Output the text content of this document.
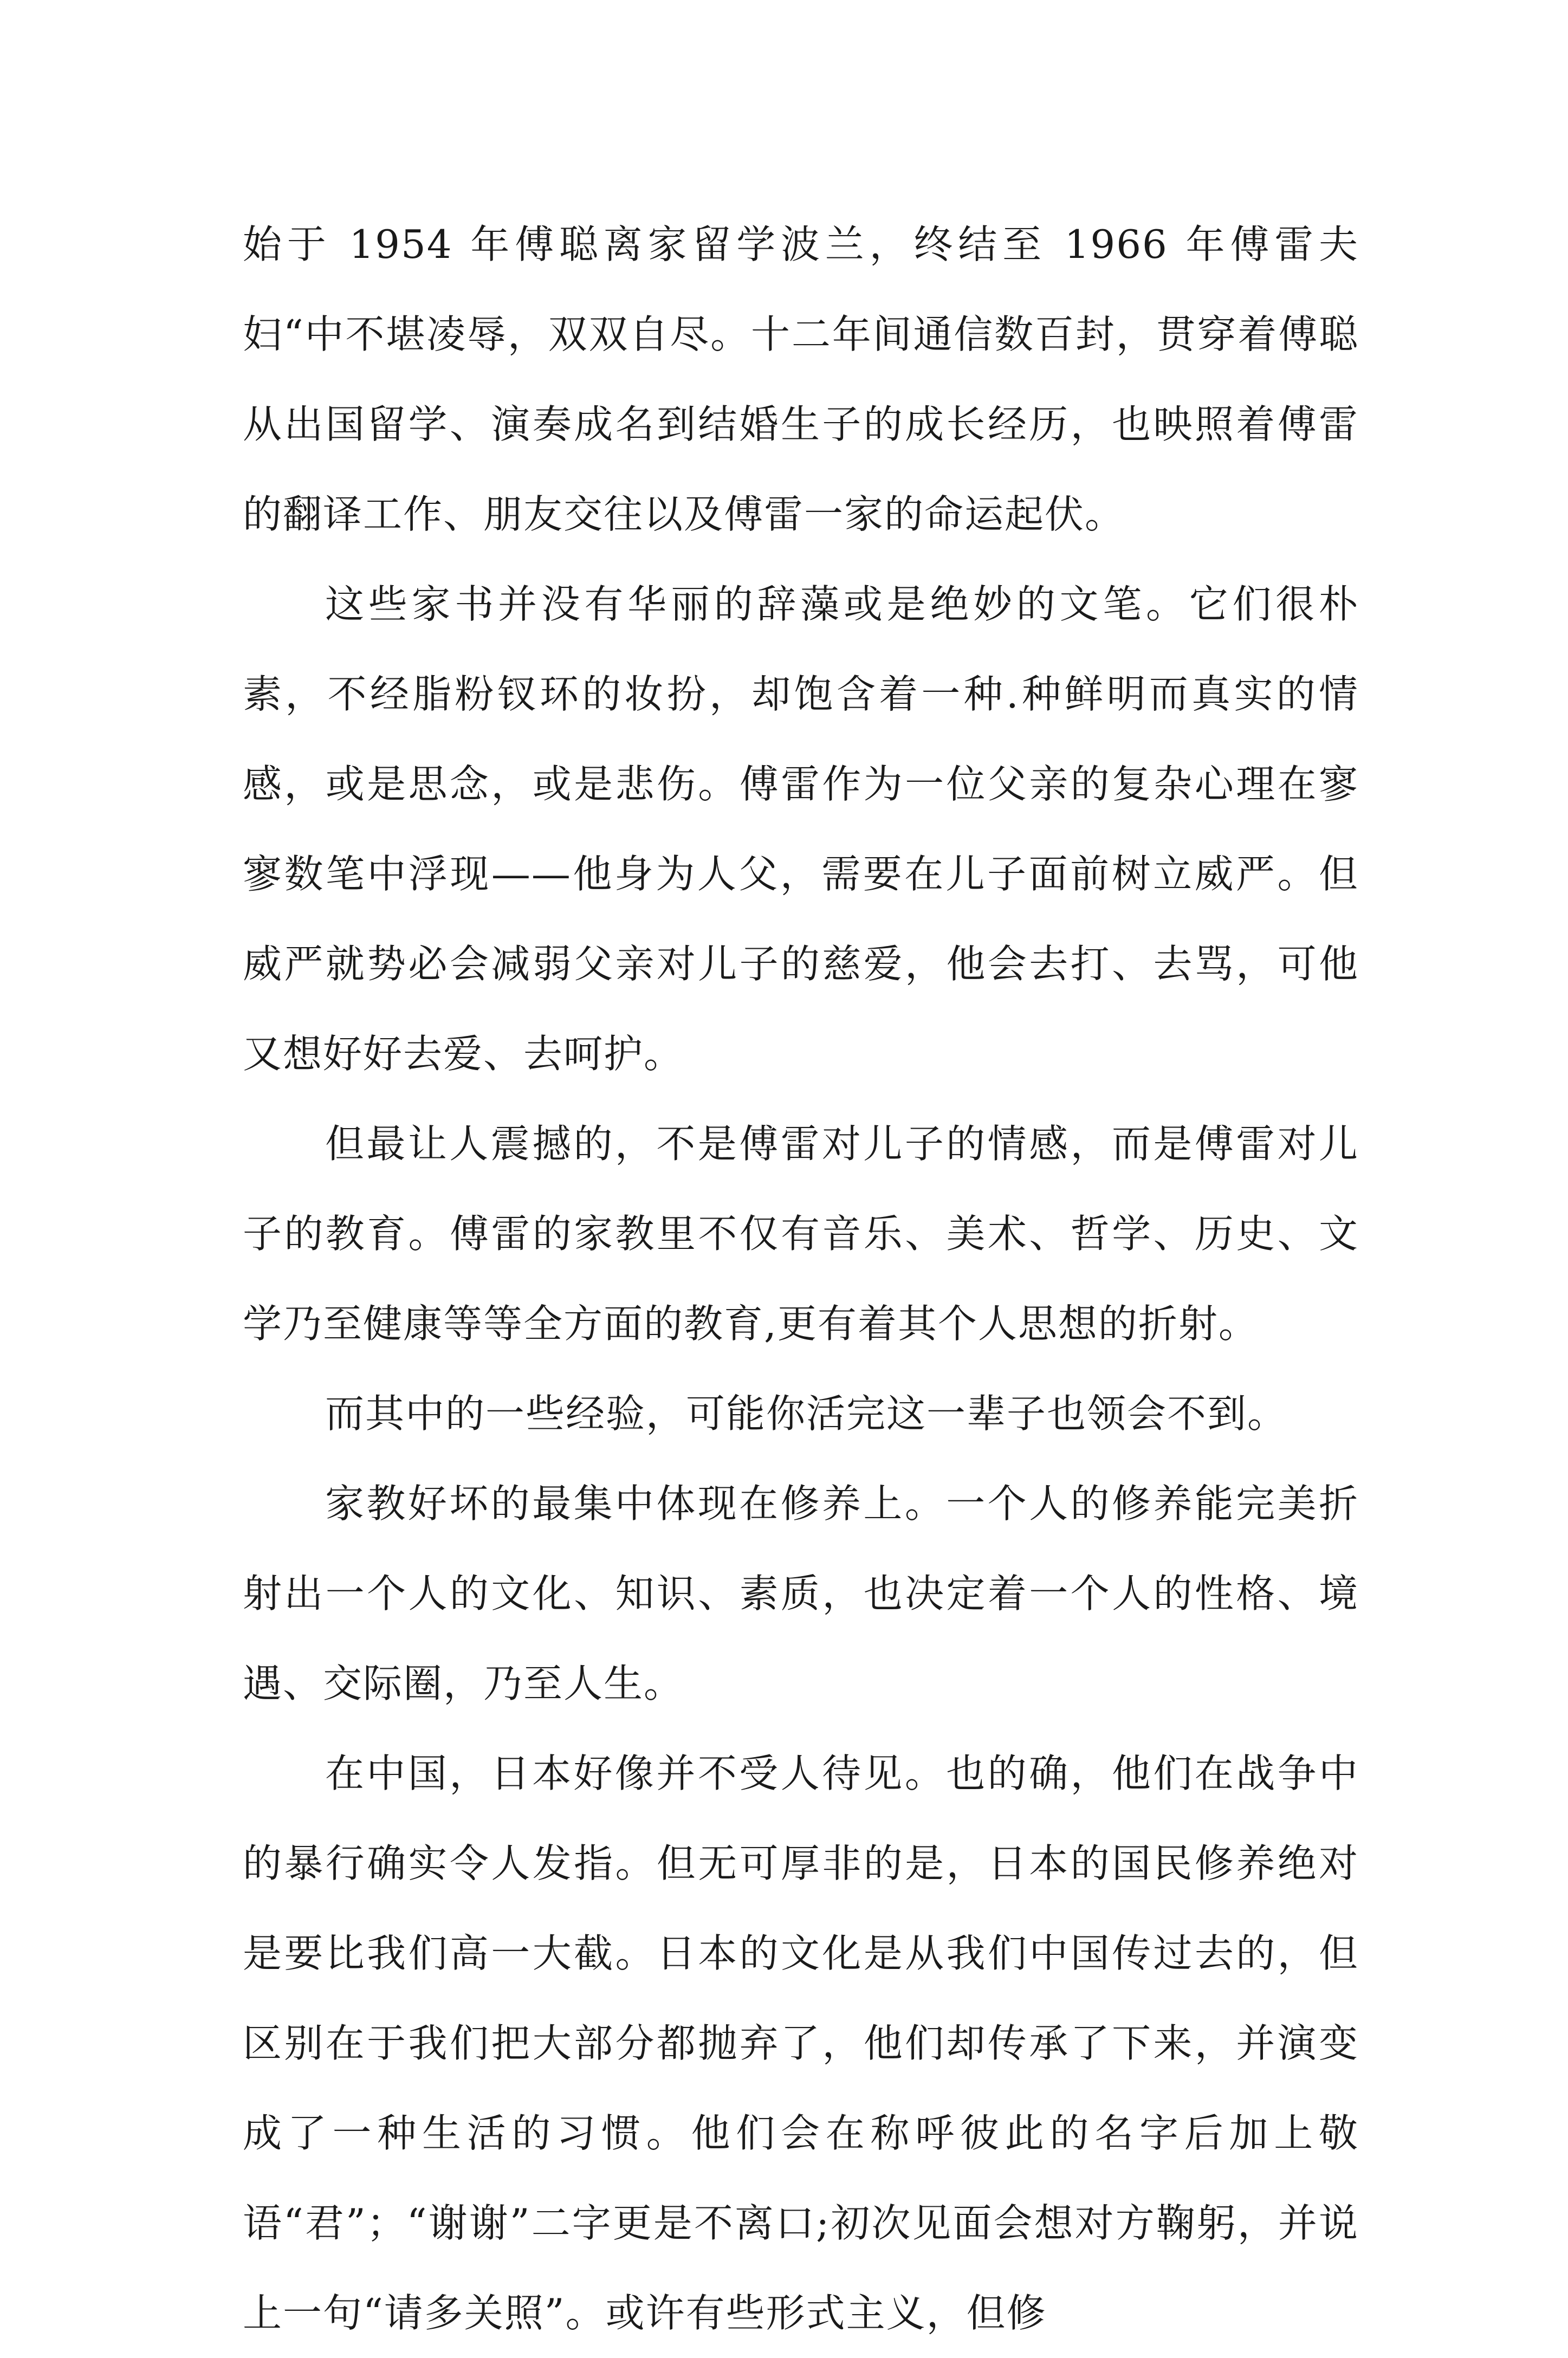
始于 1954 年傅聪离家留学波兰，终结至 1966 年傅雷夫妇“中不堪凌辱，双双自尽。十二年间通信数百封，贯穿着傅聪从出国留学、演奏成名到结婚生子的成长经历，也映照着傅雷的翻译工作、朋友交往以及傅雷一家的命运起伏。

这些家书并没有华丽的辞藻或是绝妙的文笔。它们很朴素，不经脂粉钗环的妆扮，却饱含着一种.种鲜明而真实的情感，或是思念，或是悲伤。傅雷作为一位父亲的复杂心理在寥寥数笔中浮现——他身为人父，需要在儿子面前树立威严。但威严就势必会减弱父亲对儿子的慈爱，他会去打、去骂，可他又想好好去爱、去呵护。

但最让人震撼的，不是傅雷对儿子的情感，而是傅雷对儿子的教育。傅雷的家教里不仅有音乐、美术、哲学、历史、文学乃至健康等等全方面的教育,更有着其个人思想的折射。

而其中的一些经验，可能你活完这一辈子也领会不到。

家教好坏的最集中体现在修养上。一个人的修养能完美折射出一个人的文化、知识、素质，也决定着一个人的性格、境遇、交际圈，乃至人生。

在中国，日本好像并不受人待见。也的确，他们在战争中的暴行确实令人发指。但无可厚非的是，日本的国民修养绝对是要比我们高一大截。日本的文化是从我们中国传过去的，但区别在于我们把大部分都抛弃了，他们却传承了下来，并演变成了一种生活的习惯。他们会在称呼彼此的名字后加上敬语“君”；“谢谢”二字更是不离口;初次见面会想对方鞠躬，并说上一句“请多关照”。或许有些形式主义，但修
